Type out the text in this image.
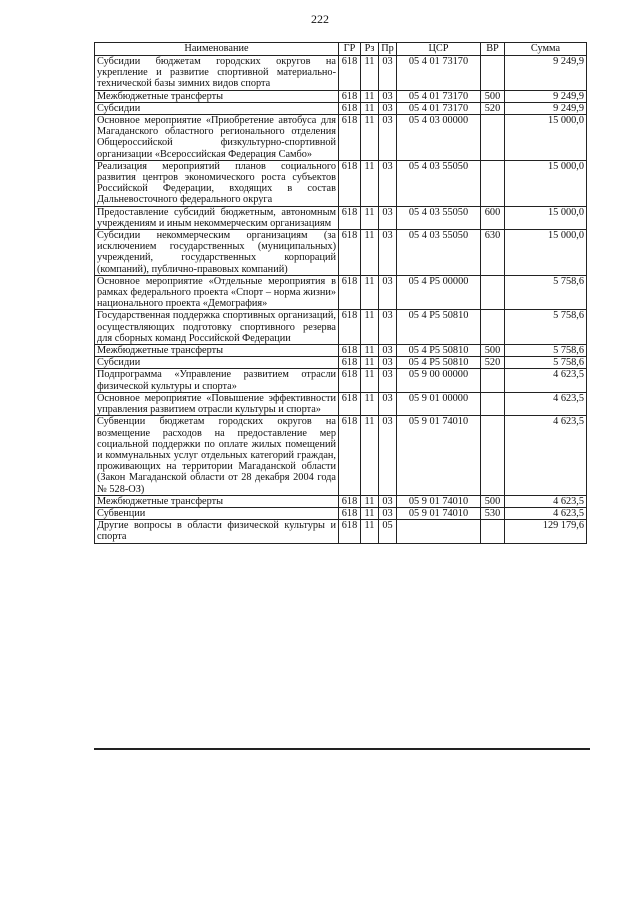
222
Наименование	ГР	Рз	Пр	ЦСР	ВР	Сумма
Субсидии бюджетам городских округов на укрепление и развитие спортивной материально-технической базы зимних видов спорта	618	11	03	05 4 01 73170		9 249,9
Межбюджетные трансферты	618	11	03	05 4 01 73170	500	9 249,9
Субсидии	618	11	03	05 4 01 73170	520	9 249,9
Основное мероприятие «Приобретение автобуса для Магаданского областного регионального отделения Общероссийской физкультурно-спортивной организации «Всероссийская Федерация Самбо»	618	11	03	05 4 03 00000		15 000,0
Реализация мероприятий планов социального развития центров экономического роста субъектов Российской Федерации, входящих в состав Дальневосточного федерального округа	618	11	03	05 4 03 55050		15 000,0
Предоставление субсидий бюджетным, автономным учреждениям и иным некоммерческим организациям	618	11	03	05 4 03 55050	600	15 000,0
Субсидии некоммерческим организациям (за исключением государственных (муниципальных) учреждений, государственных корпораций (компаний), публично-правовых компаний)	618	11	03	05 4 03 55050	630	15 000,0
Основное мероприятие «Отдельные мероприятия в рамках федерального проекта «Спорт – норма жизни» национального проекта «Демография»	618	11	03	05 4 P5 00000		5 758,6
Государственная поддержка спортивных организаций, осуществляющих подготовку спортивного резерва для сборных команд Российской Федерации	618	11	03	05 4 P5 50810		5 758,6
Межбюджетные трансферты	618	11	03	05 4 P5 50810	500	5 758,6
Субсидии	618	11	03	05 4 P5 50810	520	5 758,6
Подпрограмма «Управление развитием отрасли физической культуры и спорта»	618	11	03	05 9 00 00000		4 623,5
Основное мероприятие «Повышение эффективности управления развитием отрасли культуры и спорта»	618	11	03	05 9 01 00000		4 623,5
Субвенции бюджетам городских округов на возмещение расходов на предоставление мер социальной поддержки по оплате жилых помещений и коммунальных услуг отдельных категорий граждан, проживающих на территории Магаданской области (Закон Магаданской области от 28 декабря 2004 года № 528-ОЗ)	618	11	03	05 9 01 74010		4 623,5
Межбюджетные трансферты	618	11	03	05 9 01 74010	500	4 623,5
Субвенции	618	11	03	05 9 01 74010	530	4 623,5
Другие вопросы в области физической культуры и спорта	618	11	05			129 179,6
